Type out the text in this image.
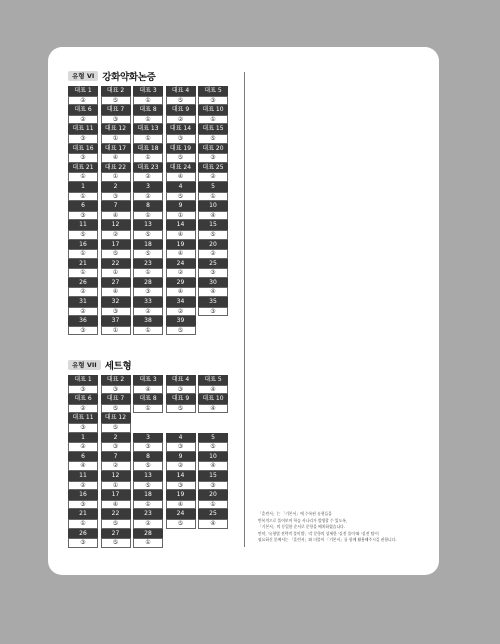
유형 VI 강화약화논증
대표 1	대표 2	대표 3	대표 4	대표 5
②	⑤	①	⑤	③
대표 6	대표 7	대표 8	대표 9	대표 10
②	③	①	②	①
대표 11	대표 12	대표 13	대표 14	대표 15
③	①	①	③	⑤
대표 16	대표 17	대표 18	대표 19	대표 20
③	④	①	⑤	③
대표 21	대표 22	대표 23	대표 24	대표 25
①	①	②	④	②
1	2	3	4	5
①	③	②	⑤	①
6	7	8	9	10
③	④	①	①	④
11	12	13	14	15
⑤	②	⑤	④	⑤
16	17	18	19	20
①	⑤	⑤	④	②
21	22	23	24	25
①	①	①	②	③
26	27	28	29	30
②	④	③	④	④
31	32	33	34	35
②	③	②	②	③
36	37	38	39
③	①	①	⑤
유형 VII 세트형
대표 1	대표 2	대표 3	대표 4	대표 5
③	③	④	③	④
대표 6	대표 7	대표 8	대표 9	대표 10
②	⑤	①	⑤	④
대표 11	대표 12
③	⑤
1	2	3	4	5
②	③	③	③	⑤
6	7	8	9	10
④	②	⑤	②	④
11	12	13	14	15
②	①	⑤	③	③
16	17	18	19	20
③	④	①	④	①
21	22	23	24	25
①	⑤	②	⑤	④
26	27	28
③	⑤	①
「훈련서」는 「기본서」에 수록된 유형들을
반복적으로 풀어보며 학습 사나리가 발생할 수 있도록,
「기본서」의 동일한 순서로 문항을 배치하였습니다.
만약, '유형별 전략적 풀이법', '각 문항의 상세한 '실전 풀이'와 '실전 팁'이
필요하신 분께서는 「훈련서」와 더불어 「기본서」를 함께 활용해주시길 권합니다.
